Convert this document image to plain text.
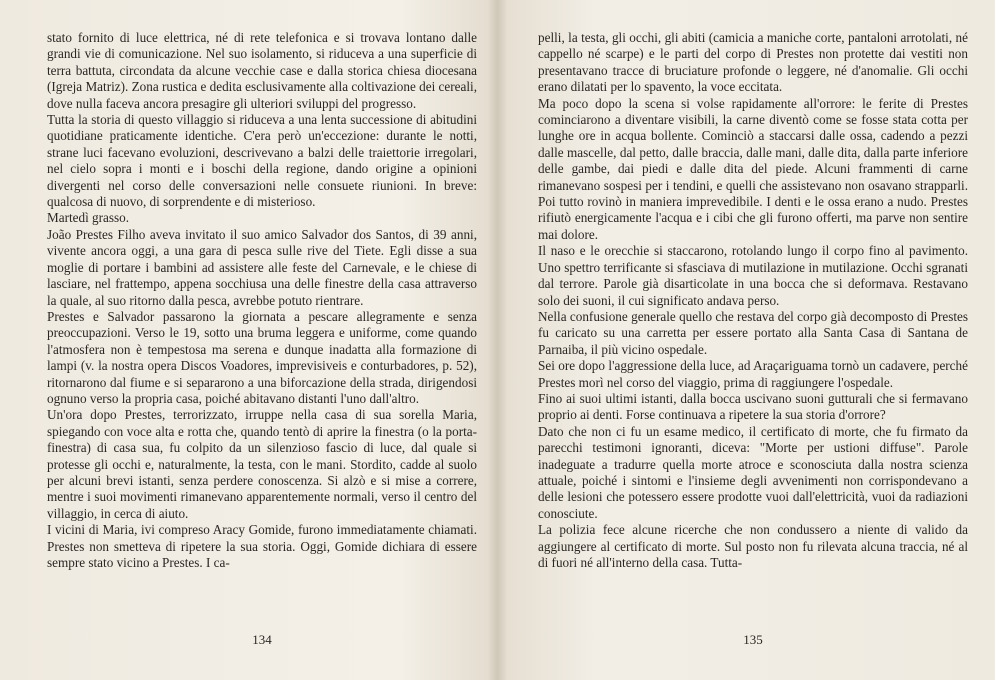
stato fornito di luce elettrica, né di rete telefonica e si trovava lontano dalle grandi vie di comunicazione. Nel suo isolamento, si riduceva a una superficie di terra battuta, circondata da alcune vecchie case e dalla storica chiesa diocesana (Igreja Matriz). Zona rustica e dedita esclusivamente alla coltivazione dei cereali, dove nulla faceva ancora presagire gli ulteriori sviluppi del progresso.

Tutta la storia di questo villaggio si riduceva a una lenta successione di abitudini quotidiane praticamente identiche. C'era però un'eccezione: durante le notti, strane luci facevano evoluzioni, descrivevano a balzi delle traiettorie irregolari, nel cielo sopra i monti e i boschi della regione, dando origine a opinioni divergenti nel corso delle conversazioni nelle consuete riunioni. In breve: qualcosa di nuovo, di sorprendente e di misterioso.

Martedì grasso.

João Prestes Filho aveva invitato il suo amico Salvador dos Santos, di 39 anni, vivente ancora oggi, a una gara di pesca sulle rive del Tiete. Egli disse a sua moglie di portare i bambini ad assistere alle feste del Carnevale, e le chiese di lasciare, nel frattempo, appena socchiusa una delle finestre della casa attraverso la quale, al suo ritorno dalla pesca, avrebbe potuto rientrare.

Prestes e Salvador passarono la giornata a pescare allegramente e senza preoccupazioni. Verso le 19, sotto una bruma leggera e uniforme, come quando l'atmosfera non è tempestosa ma serena e dunque inadatta alla formazione di lampi (v. la nostra opera Discos Voadores, imprevisiveis e conturbadores, p. 52), ritornarono dal fiume e si separarono a una biforcazione della strada, dirigendosi ognuno verso la propria casa, poiché abitavano distanti l'uno dall'altro.

Un'ora dopo Prestes, terrorizzato, irruppe nella casa di sua sorella Maria, spiegando con voce alta e rotta che, quando tentò di aprire la finestra (o la porta-finestra) di casa sua, fu colpito da un silenzioso fascio di luce, dal quale si protesse gli occhi e, naturalmente, la testa, con le mani. Stordito, cadde al suolo per alcuni brevi istanti, senza perdere conoscenza. Si alzò e si mise a correre, mentre i suoi movimenti rimanevano apparentemente normali, verso il centro del villaggio, in cerca di aiuto.

I vicini di Maria, ivi compreso Aracy Gomide, furono immediatamente chiamati. Prestes non smetteva di ripetere la sua storia. Oggi, Gomide dichiara di essere sempre stato vicino a Prestes. I ca-

134

pelli, la testa, gli occhi, gli abiti (camicia a maniche corte, pantaloni arrotolati, né cappello né scarpe) e le parti del corpo di Prestes non protette dai vestiti non presentavano tracce di bruciature profonde o leggere, né d'anomalie. Gli occhi erano dilatati per lo spavento, la voce eccitata.

Ma poco dopo la scena si volse rapidamente all'orrore: le ferite di Prestes cominciarono a diventare visibili, la carne diventò come se fosse stata cotta per lunghe ore in acqua bollente. Cominciò a staccarsi dalle ossa, cadendo a pezzi dalle mascelle, dal petto, dalle braccia, dalle mani, dalle dita, dalla parte inferiore delle gambe, dai piedi e dalle dita del piede. Alcuni frammenti di carne rimanevano sospesi per i tendini, e quelli che assistevano non osavano strapparli. Poi tutto rovinò in maniera imprevedibile. I denti e le ossa erano a nudo. Prestes rifiutò energicamente l'acqua e i cibi che gli furono offerti, ma parve non sentire mai dolore.

Il naso e le orecchie si staccarono, rotolando lungo il corpo fino al pavimento. Uno spettro terrificante si sfasciava di mutilazione in mutilazione. Occhi sgranati dal terrore. Parole già disarticolate in una bocca che si deformava. Restavano solo dei suoni, il cui significato andava perso.

Nella confusione generale quello che restava del corpo già decomposto di Prestes fu caricato su una carretta per essere portato alla Santa Casa di Santana de Parnaiba, il più vicino ospedale.

Sei ore dopo l'aggressione della luce, ad Araçariguama tornò un cadavere, perché Prestes morì nel corso del viaggio, prima di raggiungere l'ospedale.

Fino ai suoi ultimi istanti, dalla bocca uscivano suoni gutturali che si fermavano proprio ai denti. Forse continuava a ripetere la sua storia d'orrore?

Dato che non ci fu un esame medico, il certificato di morte, che fu firmato da parecchi testimoni ignoranti, diceva: "Morte per ustioni diffuse". Parole inadeguate a tradurre quella morte atroce e sconosciuta dalla nostra scienza attuale, poiché i sintomi e l'insieme degli avvenimenti non corrispondevano a delle lesioni che potessero essere prodotte vuoi dall'elettricità, vuoi da radiazioni conosciute.

La polizia fece alcune ricerche che non condussero a niente di valido da aggiungere al certificato di morte. Sul posto non fu rilevata alcuna traccia, né al di fuori né all'interno della casa. Tutta-

135
